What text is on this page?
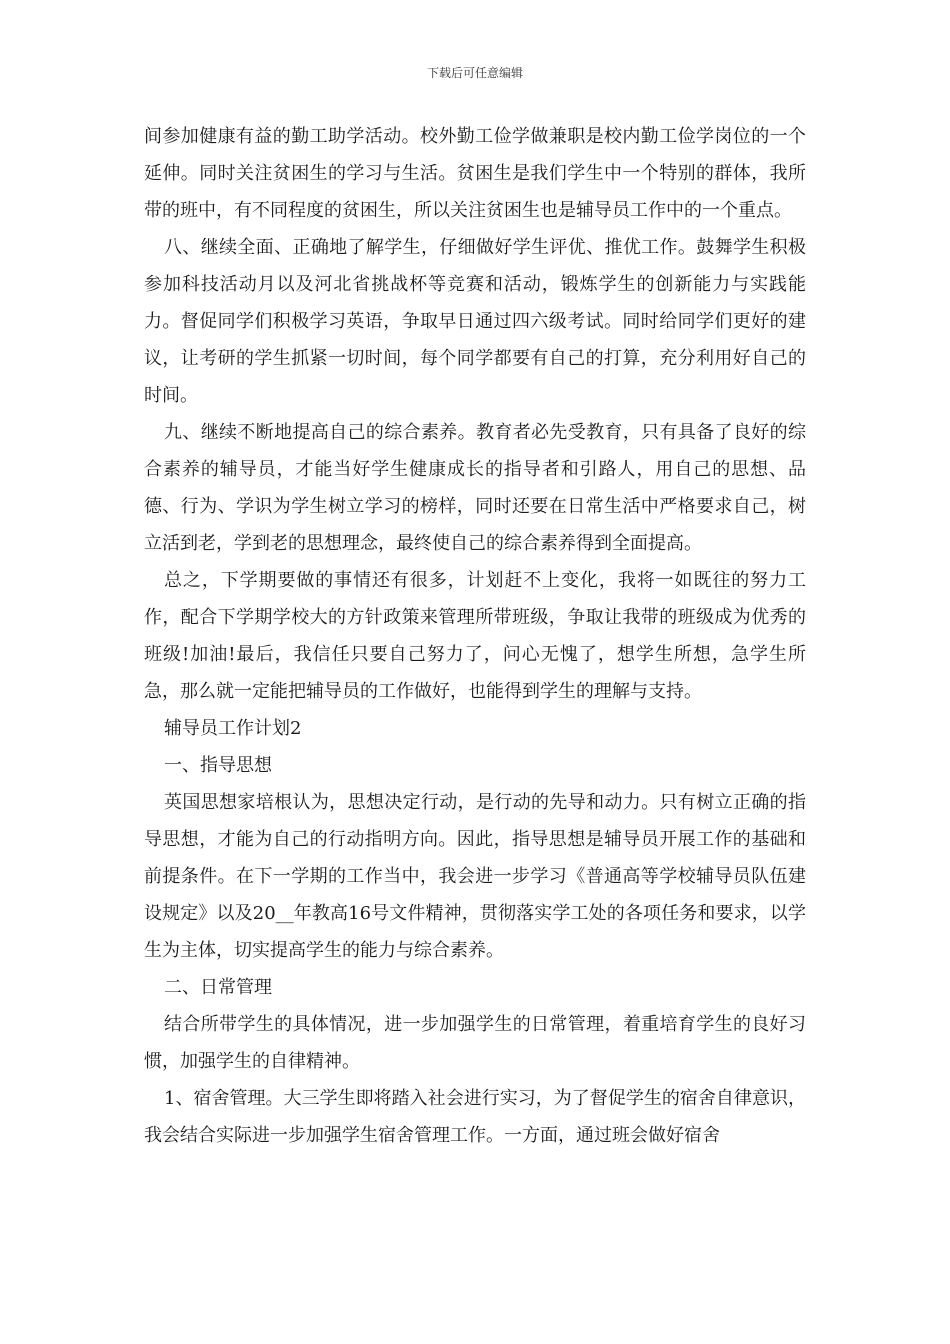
下载后可任意编辑

间参加健康有益的勤工助学活动。校外勤工俭学做兼职是校内勤工俭学岗位的一个延伸。同时关注贫困生的学习与生活。贫困生是我们学生中一个特别的群体，我所带的班中，有不同程度的贫困生，所以关注贫困生也是辅导员工作中的一个重点。

八、继续全面、正确地了解学生，仔细做好学生评优、推优工作。鼓舞学生积极参加科技活动月以及河北省挑战杯等竞赛和活动，锻炼学生的创新能力与实践能力。督促同学们积极学习英语，争取早日通过四六级考试。同时给同学们更好的建议，让考研的学生抓紧一切时间，每个同学都要有自己的打算，充分利用好自己的时间。

九、继续不断地提高自己的综合素养。教育者必先受教育，只有具备了良好的综合素养的辅导员，才能当好学生健康成长的指导者和引路人，用自己的思想、品德、行为、学识为学生树立学习的榜样，同时还要在日常生活中严格要求自己，树立活到老，学到老的思想理念，最终使自己的综合素养得到全面提高。

总之，下学期要做的事情还有很多，计划赶不上变化，我将一如既往的努力工作，配合下学期学校大的方针政策来管理所带班级，争取让我带的班级成为优秀的班级!加油!最后，我信任只要自己努力了，问心无愧了，想学生所想，急学生所急，那么就一定能把辅导员的工作做好，也能得到学生的理解与支持。

辅导员工作计划2

一、指导思想

英国思想家培根认为，思想决定行动，是行动的先导和动力。只有树立正确的指导思想，才能为自己的行动指明方向。因此，指导思想是辅导员开展工作的基础和前提条件。在下一学期的工作当中，我会进一步学习《普通高等学校辅导员队伍建设规定》以及20__年教高16号文件精神，贯彻落实学工处的各项任务和要求，以学生为主体，切实提高学生的能力与综合素养。

二、日常管理

结合所带学生的具体情况，进一步加强学生的日常管理，着重培育学生的良好习惯，加强学生的自律精神。

1、宿舍管理。大三学生即将踏入社会进行实习，为了督促学生的宿舍自律意识，我会结合实际进一步加强学生宿舍管理工作。一方面，通过班会做好宿舍
